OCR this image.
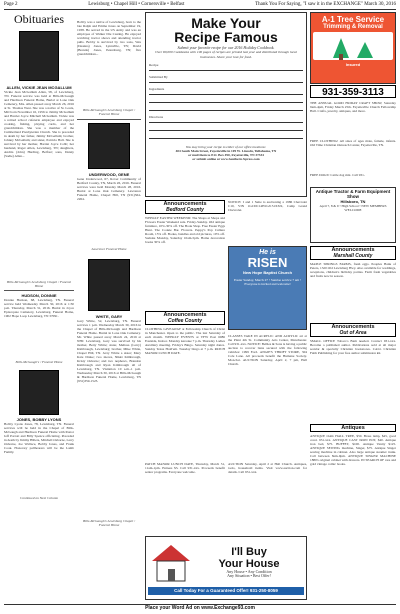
Page 2	Lewisburg • Chapel Hill • Cornersville • Belfast	Thank You For Saying, "I saw it in the EXCHANGE" March 30, 2016
Obituaries
ALLEN, VICKIE JEAN MCGALLUM
Vickie Jean McGallum Allen, 58, of Lewisburg, TN. Funeral service was held at Bills-McGaugh and Hardison Funeral Home, Burial at Lone Oak Cemetery, Mrs. Allen passed away March 26, 2016 at St. Thomas West. She was a native of St. Louis, MO born November 16, 1956 to Jimmy McGallum and Harriet Joyce Mitchell McGallum. Vickie was a retired school cafeteria employee and enjoyed cooking, fishing, playing cards, and her grandchildren. She was a member of the Cumberland Presbyterian Church. She is preceded in death by her father, Jimmy McGallum; brother, Johnny McGallum; and sister, Patricia Hall. She is survived by her mother, Harriet Joyce Cobb; her husband, Roger Allen, Lewisburg, TN; daughters, Andria (John) Harding, Belfast; sons, Danny (Sadie) Allen...
Bills-McGaugh's Lewisburg Chapel / Funeral Home
HUDSON, DONNIE
Donnie Hudson, 68, Lewisburg, TN. Funeral service held Wednesday March 30, 2016 at 1:30 p.m. Thursday, March 31, 2016. Burial in Joyce Episcopate Cemetery, Lewisburg. Funeral Home, 1902 Hope Loop Lewisburg, TN 37091.
Bills-McGaugh's / Funeral Home
JONES, BOBBY LYONS
Bobby Lyons Jones, 78, Lewisburg, TN. Funeral services will be held in the Chapel of Bills-McGaugh and Hardison Funeral Home with Pastor Jeff Parrott and Billy Spence officiating. Preceded in death by Jimmy Hillers, Mitchell Osborne, Larry Osborne, Joe Wallace, Bobby Jones, and Frank Cook. Honorary pallbearers will be the Lamb Family.
Continued on Next Column
Bobby was a native of Lewisburg, born to the late Ralph and Emma Jones on September 19, 1938. He served in the US Army and was an employee of Walker Die Casting. He enjoyed watching tractor shows and attending tractor pulls. Bobby is survived by two sons, Wes (Deanna) Jones, Lynnville, TN; David (Brenda) Jones, Petersburg, TN; five grandchildren...
Bills-McGaugh's Lewisburg Chapel / Funeral Home
UNDERWOOD, GENE
Gene Underwood, 67, Rover Community of Bedford County, TN, March 26, 2016. Funeral services were held Monday March 28, 2016. Burial at Lone Oak Cemetery. Lawrence Funeral Home, Chapel Hill, TN (931)364-2264.
Lawrence Funeral Home
WHITE, GARY
Gary White, 52, Lewisburg, TN. Funeral services 1 p.m. Wednesday March 30, 2016 in the Chapel of Bills-McGaugh and Hardison Funeral Home. Burial in Lone Oak Cemetery. Mr. White passed away March 24, 2016 at NHC Lewisburg. Gary was survived by his mother, Betty White; sister, Melissa (Larry) Kimbrough, Lewisburg; brother, Mike White, Chapel Hill, TN. Jerry White a sister; Mary Kate Drake; two nieces, Nikki Kimbrough, Kristy Osborne; and two nephews, Brandon Kimbrough and Ryan Kimbrough all of Lewisburg, TN. Visitation 10 a.m.-1 p.m. Wednesday March 30, 2016 at Bills-McGaugh & Hardison Funeral Home, Lewisburg, TN (931)359-1523.
Bills-McGaugh's Lewisburg Chapel / Funeral Home
Make Your
Recipe Famous
Submit your favorite recipe for our 2016 Holiday Cookbook.
Over 80,000 Cookbooks with 196 pages of recipes are printed last year and distributed through local businesses. Share your love for food.
Recipe
Submitted By
Ingredients
Directions
You may bring your recipe to either of our office locations:
404 South Main Street, Fayetteville in 109 W. Lincoln, Tullahoma, TN
or mail them to P.O. Box 490, Fayetteville, TN 37334
or submit online at www.Southern.Xpress.com
A-1 Tree Service
Trimming & Removal
Insured
931-359-3113
THE ANNUAL GOOD FRIDAY CRAFT SHOW, Saturday 9am-4pm, Friday March 25th. Fayetteville Church Fellowship Hall. Crafts, jewelry, antiques, and more.
FREE CLOTHING! All sizes of ages male, female, infants. Old Time Christian Outreach Center, Fayetteville, TN.
FREE DOGS! Cattle dog mix. Call 931-
Antique Tractor & Farm Equipment Show
Hillsboro, TN
April 7, 8 & 9 • High School • NEW MEMBERS WELCOME
Announcements
Marshall County
MAPLE SPRINGS FARMS, fresh eggs. Peoples Bank of Peters, 1320 Old Lewisburg Hwy. Also available for weddings, receptions, children's birthday parties. Farm fresh vegetables and fruits now in season.
Announcements
Out of Area
SMALL OFFICE Tobacco Bam needed. Contact 931-xxx. Become a published author. Publications sold at all major secular & specialty Christian bookstores. CALL Christian Faith Publishing for your free author submission kit.
Antiques
ANTIQUE OAK HALL TREE, $50. Brass lamp, $45, good cond. 931-xxx. ANTIQUE CAST IRON POT, $40. Antique iron bed, $75. BUFFET, $100. Antique Vanity $125. ANTIQUE SEWING machine, Singer, $75. Antique Singer sewing machine in cabinet. Also large antique steamer trunk. Call between 8am-9pm. ANTIQUE SINGER MACHINE 1880's original cabinet with drawers. IN SEARCH OF rare and gold vintage comic books.
Announcements
Bedford County
WEEKLY EASTER WEEKEND: The Shops at Shops and Flowers Easter Weekend sale. Friday-Sunday. Old antique furniture, 10%-30% off. The Book Shop. Free Easter Eggs Hunt. The Cookie Bar. Flowers. Peppy's Pop Culture Room, 15% off. Books, bundles and old pictures, 10% off. Sudoku Monday, Saturday 10am-5pm. Home decoration books 30% off.
Announcements
Coffee County
CLOTHING GIVEAWAY at Fellowship Church of Christ in Manchester. Open to the public. The last Saturday of each month. WEEKLY EVENTS at VFW Post 6086 Eastside, Indoor. Monday karaoke 7 p.m. Thursday Ladies Auxiliary meeting. Friday's Bingo. Saturday night dance. Sunday Texas Hold'em. Tuesday bingo at 7 p.m. PATCH MANOR LUNCH DATE.
NOTICE: I and 1 Suite is auctioning a 1986 Chevrolet C10, VIN 1GCDC14H1GJ151XXX, Camp Grand Chevrolet.
He is
RISEN
New Hope Baptist Church
Easter Sunday, March 27 • Sunrise service 7 am • Everyone is invited and welcome!
CLASSES TAKE IN ACRYLIC AND ACRYLIC art at the Plant 4th St. Community Arts Center, Manchester. Call 931-xxx. NOTICE: Bellies & Sons is having a public auction to recover liens secured with the following vehicles: 1999 Ford. ANGIE'S THRIFT STORE, 304 Cole Lane. All proceeds benefit the Humane Society. Mon-Sat. AUCTION Saturday, April 2, 7 pm, Hall Church.
PATCH MANOR LUNCH DATE, Thursday, March 31, 11am-1pm. Entrees $5. Call 931-xxx. Proceeds benefit senior programs. Everyone welcome.
AUCTION Saturday, April 2 at Hall Church. Antiques, tools, household items. Visit www.auction.com for details. Call 931-xxx.
I'll Buy
Your House
Any House • Any Condition
Any Situation • Best Offer!
Call Today For a Guaranteed Offer! 931-250-8059
Place your Word Ad on www.Exchange93.com
